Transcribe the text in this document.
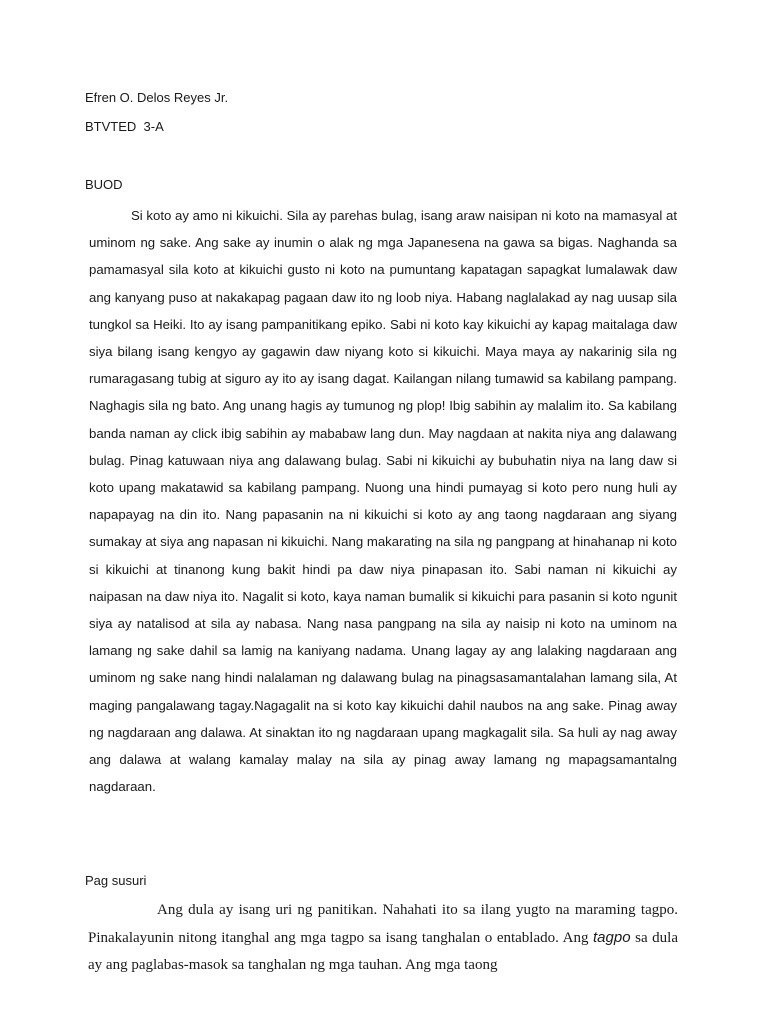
Efren O. Delos Reyes Jr.
BTVTED  3-A
BUOD

Si koto ay amo ni kikuichi. Sila ay parehas bulag, isang araw naisipan ni koto na mamasyal at uminom ng sake. Ang sake ay inumin o alak ng mga Japanesena na gawa sa bigas. Naghanda sa pamamasyal sila koto at kikuichi gusto ni koto na pumuntang kapatagan sapagkat lumalawak daw ang kanyang puso at nakakapag pagaan daw ito ng loob niya. Habang naglalakad ay nag uusap sila tungkol sa Heiki. Ito ay isang pampanitikang epiko. Sabi ni koto kay kikuichi ay kapag maitalaga daw siya bilang isang kengyo ay gagawin daw niyang koto si kikuichi. Maya maya ay nakarinig sila ng rumaragasang tubig at siguro ay ito ay isang dagat. Kailangan nilang tumawid sa kabilang pampang. Naghagis sila ng bato. Ang unang hagis ay tumunog ng plop! Ibig sabihin ay malalim ito. Sa kabilang banda naman ay click ibig sabihin ay mababaw lang dun. May nagdaan at nakita niya ang dalawang bulag. Pinag katuwaan niya ang dalawang bulag. Sabi ni kikuichi ay bubuhatin niya na lang daw si koto upang makatawid sa kabilang pampang. Nuong una hindi pumayag si koto pero nung huli ay napapayag na din ito. Nang papasanin na ni kikuichi si koto ay ang taong nagdaraan ang siyang sumakay at siya ang napasan ni kikuichi. Nang makarating na sila ng pangpang at hinahanap ni koto si kikuichi at tinanong kung bakit hindi pa daw niya pinapasan ito. Sabi naman ni kikuichi ay naipasan na daw niya ito. Nagalit si koto, kaya naman bumalik si kikuichi para pasanin si koto ngunit siya ay natalisod at sila ay nabasa. Nang nasa pangpang na sila ay naisip ni koto na uminom na lamang ng sake dahil sa lamig na kaniyang nadama. Unang lagay ay ang lalaking nagdaraan ang uminom ng sake nang hindi nalalaman ng dalawang bulag na pinagsasamantalahan lamang sila, At maging pangalawang tagay.Nagagalit na si koto kay kikuichi dahil naubos na ang sake. Pinag away ng nagdaraan ang dalawa. At sinaktan ito ng nagdaraan upang magkagalit sila. Sa huli ay nag away ang dalawa at walang kamalay malay na sila ay pinag away lamang ng mapagsamantalng nagdaraan.

Pag susuri

Ang dula ay isang uri ng panitikan. Nahahati ito sa ilang yugto na maraming tagpo. Pinakalayunin nitong itanghal ang mga tagpo sa isang tanghalan o entablado. Ang tagpo sa dula ay ang paglabas-masok sa tanghalan ng mga tauhan. Ang mga taong
